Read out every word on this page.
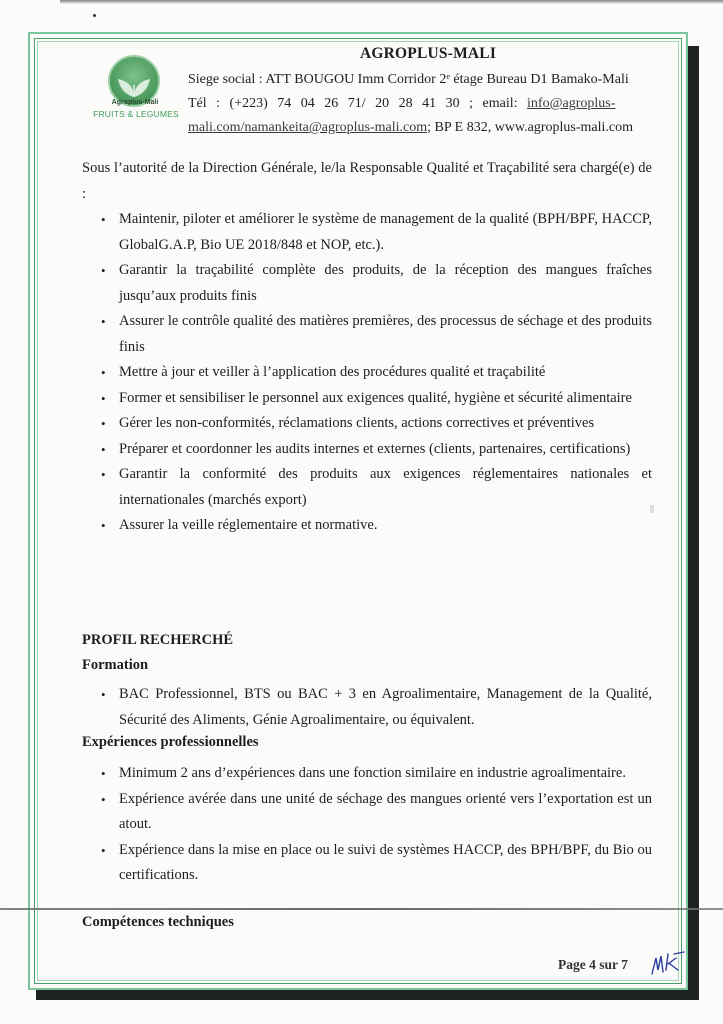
Agroplus-Mali
FRUITS & LEGUMES
AGROPLUS-MALI
Siege social : ATT BOUGOU Imm Corridor 2ᵉ étage Bureau D1 Bamako-Mali
Tél : (+223) 74 04 26 71/ 20 28 41 30 ; email: info@agroplus-
mali.com/namankeita@agroplus-mali.com; BP E 832, www.agroplus-mali.com

Sous l’autorité de la Direction Générale, le/la Responsable Qualité et Traçabilité sera chargé(e) de :

• Maintenir, piloter et améliorer le système de management de la qualité (BPH/BPF, HACCP, GlobalG.A.P, Bio UE 2018/848 et NOP, etc.).
• Garantir la traçabilité complète des produits, de la réception des mangues fraîches jusqu’aux produits finis
• Assurer le contrôle qualité des matières premières, des processus de séchage et des produits finis
• Mettre à jour et veiller à l’application des procédures qualité et traçabilité
• Former et sensibiliser le personnel aux exigences qualité, hygiène et sécurité alimentaire
• Gérer les non-conformités, réclamations clients, actions correctives et préventives
• Préparer et coordonner les audits internes et externes (clients, partenaires, certifications)
• Garantir la conformité des produits aux exigences réglementaires nationales et internationales (marchés export)
• Assurer la veille réglementaire et normative.
PROFIL RECHERCHÉ
Formation
• BAC Professionnel, BTS ou BAC + 3 en Agroalimentaire, Management de la Qualité, Sécurité des Aliments, Génie Agroalimentaire, ou équivalent.
Expériences professionnelles
• Minimum 2 ans d’expériences dans une fonction similaire en industrie agroalimentaire.
• Expérience avérée dans une unité de séchage des mangues orienté vers l’exportation est un atout.
• Expérience dans la mise en place ou le suivi de systèmes HACCP, des BPH/BPF, du Bio ou certifications.
Compétences techniques
Page 4 sur 7
